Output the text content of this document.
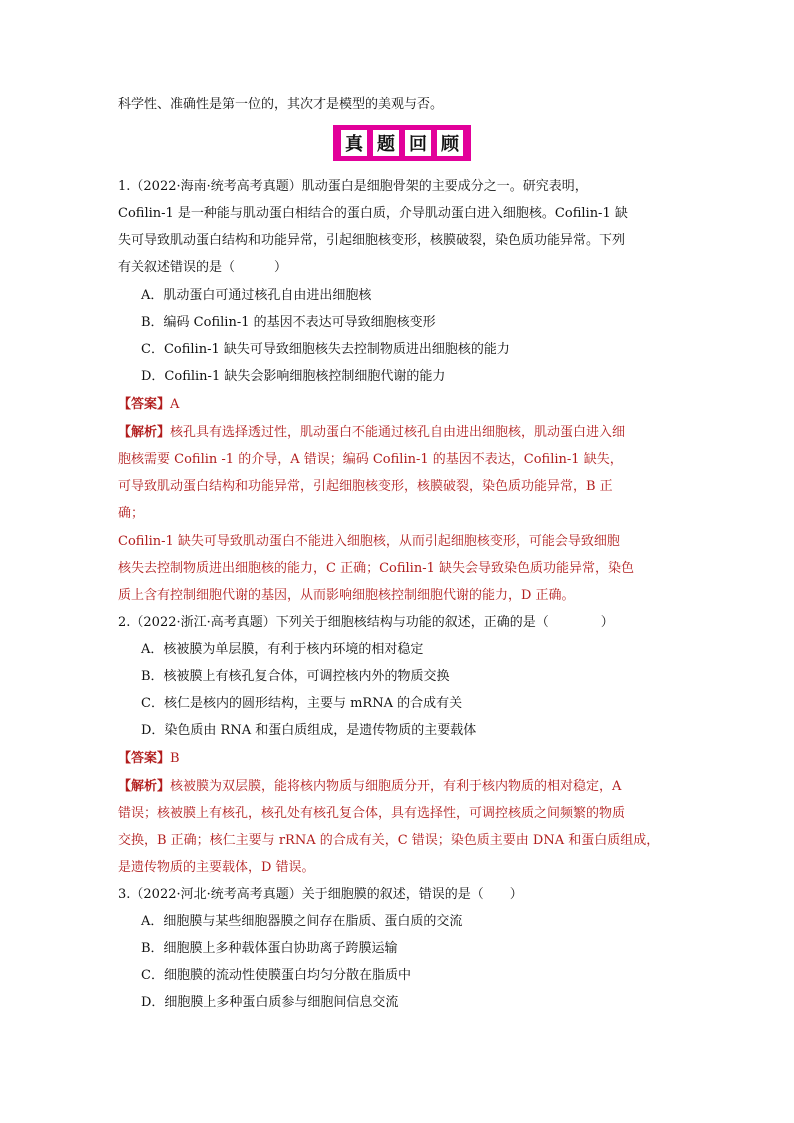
科学性、准确性是第一位的，其次才是模型的美观与否。
真 题 回 顾
1.（2022·海南·统考高考真题）肌动蛋白是细胞骨架的主要成分之一。研究表明，
Cofilin-1 是一种能与肌动蛋白相结合的蛋白质，介导肌动蛋白进入细胞核。Cofilin-1 缺
失可导致肌动蛋白结构和功能异常，引起细胞核变形，核膜破裂，染色质功能异常。下列
有关叙述错误的是（　　　）
A．肌动蛋白可通过核孔自由进出细胞核
B．编码 Cofilin-1 的基因不表达可导致细胞核变形
C．Cofilin-1 缺失可导致细胞核失去控制物质进出细胞核的能力
D．Cofilin-1 缺失会影响细胞核控制细胞代谢的能力
【答案】A
【解析】核孔具有选择透过性，肌动蛋白不能通过核孔自由进出细胞核，肌动蛋白进入细
胞核需要 Cofilin -1 的介导，A 错误；编码 Cofilin-1 的基因不表达，Cofilin-1 缺失，
可导致肌动蛋白结构和功能异常，引起细胞核变形，核膜破裂，染色质功能异常，B 正
确；
Cofilin-1 缺失可导致肌动蛋白不能进入细胞核，从而引起细胞核变形，可能会导致细胞
核失去控制物质进出细胞核的能力，C 正确；Cofilin-1 缺失会导致染色质功能异常，染色
质上含有控制细胞代谢的基因，从而影响细胞核控制细胞代谢的能力，D 正确。
2.（2022·浙江·高考真题）下列关于细胞核结构与功能的叙述，正确的是（　　　　）
A．核被膜为单层膜，有利于核内环境的相对稳定
B．核被膜上有核孔复合体，可调控核内外的物质交换
C．核仁是核内的圆形结构，主要与 mRNA 的合成有关
D．染色质由 RNA 和蛋白质组成，是遗传物质的主要载体
【答案】B
【解析】核被膜为双层膜，能将核内物质与细胞质分开，有利于核内物质的相对稳定，A
错误；核被膜上有核孔，核孔处有核孔复合体，具有选择性，可调控核质之间频繁的物质
交换，B 正确；核仁主要与 rRNA 的合成有关，C 错误；染色质主要由 DNA 和蛋白质组成，
是遗传物质的主要载体，D 错误。
3.（2022·河北·统考高考真题）关于细胞膜的叙述，错误的是（　　）
A．细胞膜与某些细胞器膜之间存在脂质、蛋白质的交流
B．细胞膜上多种载体蛋白协助离子跨膜运输
C．细胞膜的流动性使膜蛋白均匀分散在脂质中
D．细胞膜上多种蛋白质参与细胞间信息交流
